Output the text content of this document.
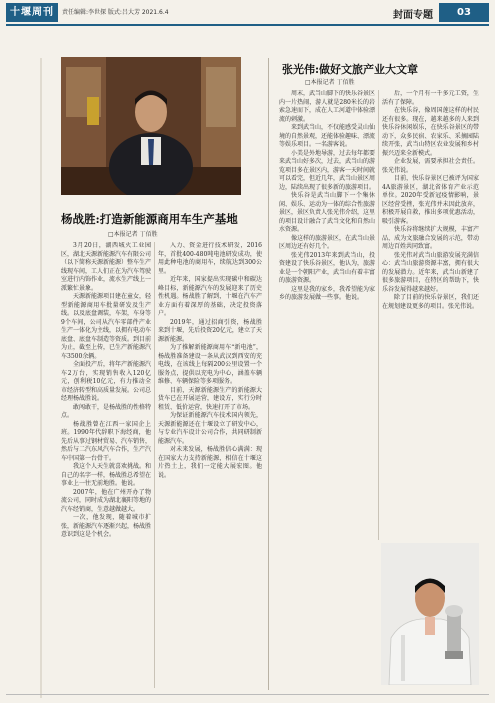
十堰周刊	责任编辑:李世探 版式:吕大芳 2021.6.4	封面专题	03
杨战胜:打造新能源商用车生产基地
□本报记者 丁佰胜

3月20日，湖西城火工业园区，湖北天源新能源汽车有限公司（以下简称天源新能源）整车生产线现车间，工人们正在为汽车驾驶室进行内饰作业，流水生产线上一派繁忙景象。

天源新能源项目建在童女，轻型新能源商用车批量研发及生产线。以及底盘调装，车架，车身等9个车间，公司从汽车零部件产业生产一体化为主线，以拥有电动车底盘、底盘车制造等资质。到目前为止，截至上传，已生产新能源汽车3500余辆。

全面投产后，将年产新能源汽车2万台，实现销售收入120亿元，创利税10亿元，有力推动全市经济转型和高质量发展。公司总经理杨战胜说。

敢闯敢干，是杨战胜的性格特点。

杨战胜曾在江西一家国企上班。1990年代辞职下海经商，他先后从事过钢材贸易、汽车销售，然后与二汽东风汽车合作，生产汽车中国第一台骨干。

我这个人天生就喜欢挑战。和自己的名字一样，杨战胜总希望在事业上一往无前地胜。他说。

2007年，他在广州开办了物流公司，同时成为湖北襄阳等地的汽车经销商，生意越做越大。

一次，他发现，随着城市扩张，新能源汽车逐渐兴起，杨战胜意识到这是个机会。

入力、资金进行技术研发，2016年，首批400-480吨电池研发成功，使用此种电池的商用车，续航达到300公里。

近年来，国家提出实现碳中和碳达峰目标，新能源汽车的发展迎来了历史性机遇。杨战胜了解到，十堰在汽车产业方面有着深厚的基础，决定投资落户。

2019年，通过招商引资，杨战胜来到十堰，先后投资20亿元，建立了天源新能源。

为了推解新能源商用车“新电池”，杨战胜准备建设一条从武汉到西安的充电线，在该线上每隔200公里设置一个服务点，提供以充电为中心，涵盖车辆维修、车辆保险等多项服务。

目前，天源新能源生产的新能源大货车已在开展运营，建设方，实行分时租赁、低价运营，快速打开了市场。

为保证新能源汽车技术国内领先，天源新能源还在十堰设立了研发中心，与专业汽车设计公司合作，共同研制新能源汽车。

对未来发展，杨战胜信心满满：现在国家大力支持新能源，相信在十堰这片热土上，我们一定能大展宏图。他说。

张光伟:做好文旅产业大文章
□本报记者 丁佰胜

周末，武当山脚下的快乐谷景区内一片热闹，游人就是280米长的岩索急速而下，成在人工河道中体验漂流的刺激。

来到武当山，不仅能感受灵山仙境的自然景观，还能体验趣味、漂流等娱乐项目。一名游客说。

小美是外地导游，过去每年都要来武当山好多次，过去，武当山的游览项目多在景区内，游客一天时间就可以看完，但近几年，武当山景区周边，陆续出现了很多新的旅游项目。

快乐谷是武当山脚下一个集休闲、娱乐、运动为一体的综合性旅游景区，景区负责人张光伟介绍，这里的项目设计融合了武当文化和自然山水资源。

像这样的旅游景区，在武当山景区周边还有好几个。

张光伟2013年来到武当山，投资建设了快乐谷景区，他认为，旅游业是一个朝阳产业，武当山有着丰富的旅游资源。

这里是我的家乡，我希望能为家乡的旅游发展做一些事。他说。

后，一个月有一千多元工资，生活有了保障。

在快乐谷，像周国莲这样的村民还有很多。现在，越来越多的人来到快乐谷休闲娱乐，在快乐谷景区的带动下，众多民宿、农家乐、采摘园陆续开张，武当山特区农业发展和乡村振兴迈来全新模式。

企业发展，需要承担社会责任。张光伟说。

目前，快乐谷景区已被评为国家4A旅游景区，湖北省体育产业示范单位。2020年受新冠疫情影响，景区经营受挫，张光伟并未因此放弃，积极开展自救，推出多项优惠活动，吸引游客。

快乐谷将继续扩大规模，丰富产品，成为文旅融合发展的示范，带动周边百姓共同致富。

张光伟对武当山旅游发展充满信心：武当山旅游资源丰富，拥有很大的发展潜力。近年来，武当山新建了很多旅游项目，在特区的帮助下，快乐谷发展得越来越好。

除了目前的快乐谷景区，我们还在规划建设更多的项目。张光伟说。
